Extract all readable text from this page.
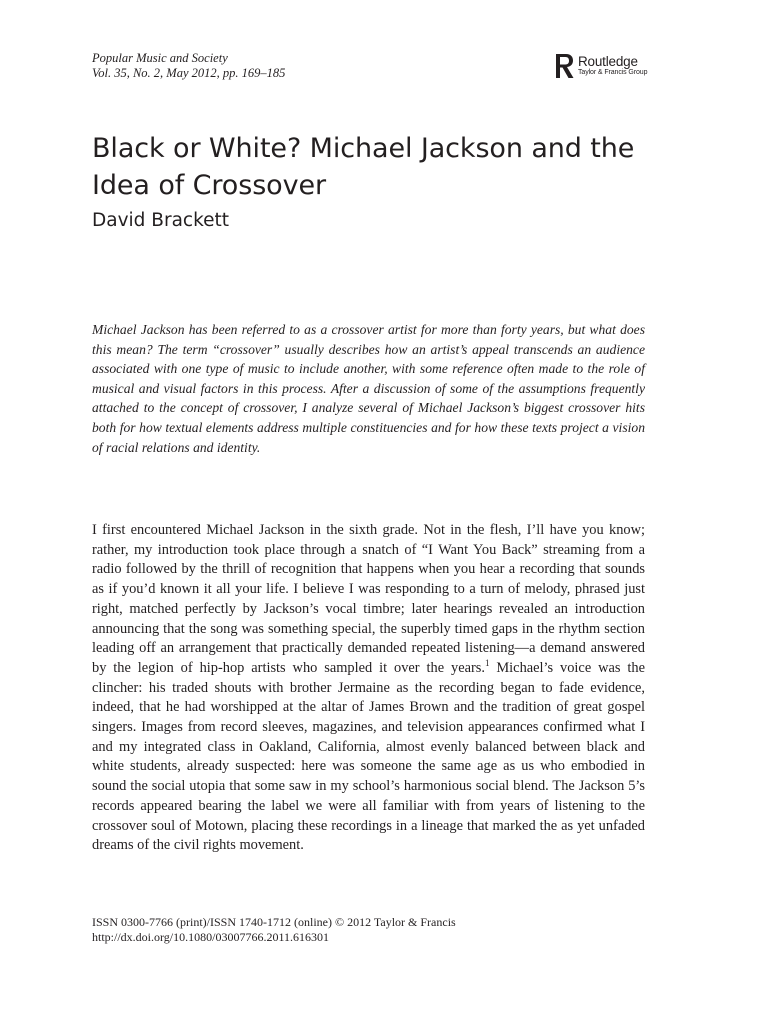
Popular Music and Society
Vol. 35, No. 2, May 2012, pp. 169–185
Routledge
Taylor & Francis Group
Black or White? Michael Jackson and the Idea of Crossover
David Brackett

Michael Jackson has been referred to as a crossover artist for more than forty years, but what does this mean? The term “crossover” usually describes how an artist’s appeal transcends an audience associated with one type of music to include another, with some reference often made to the role of musical and visual factors in this process. After a discussion of some of the assumptions frequently attached to the concept of crossover, I analyze several of Michael Jackson’s biggest crossover hits both for how textual elements address multiple constituencies and for how these texts project a vision of racial relations and identity.

I first encountered Michael Jackson in the sixth grade. Not in the flesh, I’ll have you know; rather, my introduction took place through a snatch of “I Want You Back” streaming from a radio followed by the thrill of recognition that happens when you hear a recording that sounds as if you’d known it all your life. I believe I was responding to a turn of melody, phrased just right, matched perfectly by Jackson’s vocal timbre; later hearings revealed an introduction announcing that the song was something special, the superbly timed gaps in the rhythm section leading off an arrangement that practically demanded repeated listening—a demand answered by the legion of hip-hop artists who sampled it over the years.$^1$ Michael’s voice was the clincher: his traded shouts with brother Jermaine as the recording began to fade evidence, indeed, that he had worshipped at the altar of James Brown and the tradition of great gospel singers. Images from record sleeves, magazines, and television appearances confirmed what I and my integrated class in Oakland, California, almost evenly balanced between black and white students, already suspected: here was someone the same age as us who embodied in sound the social utopia that some saw in my school’s harmonious social blend. The Jackson 5’s records appeared bearing the label we were all familiar with from years of listening to the crossover soul of Motown, placing these recordings in a lineage that marked the as yet unfaded dreams of the civil rights movement.

ISSN 0300-7766 (print)/ISSN 1740-1712 (online) © 2012 Taylor & Francis
http://dx.doi.org/10.1080/03007766.2011.616301
